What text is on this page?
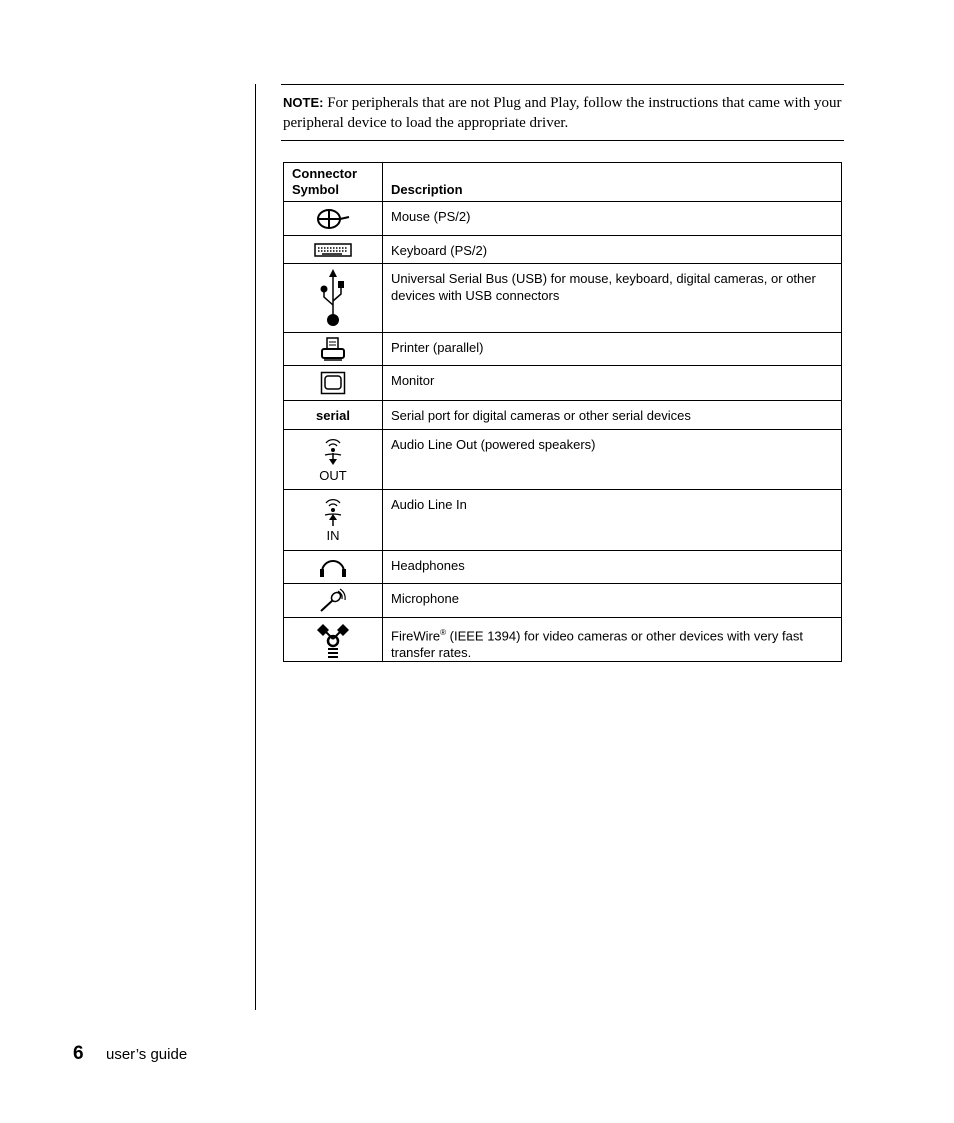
NOTE: For peripherals that are not Plug and Play, follow the instructions that came with your peripheral device to load the appropriate driver.
Connector
Symbol	Description

	Mouse (PS/2)

	Keyboard (PS/2)

	Universal Serial Bus (USB) for mouse, keyboard, digital cameras, or other devices with USB connectors

	Printer (parallel)

	Monitor
serial	Serial port for digital cameras or other serial devices

OUT	Audio Line Out (powered speakers)

IN	Audio Line In

	Headphones

	Microphone

	FireWire® (IEEE 1394) for video cameras or other devices with very fast transfer rates.
6 user’s guide
